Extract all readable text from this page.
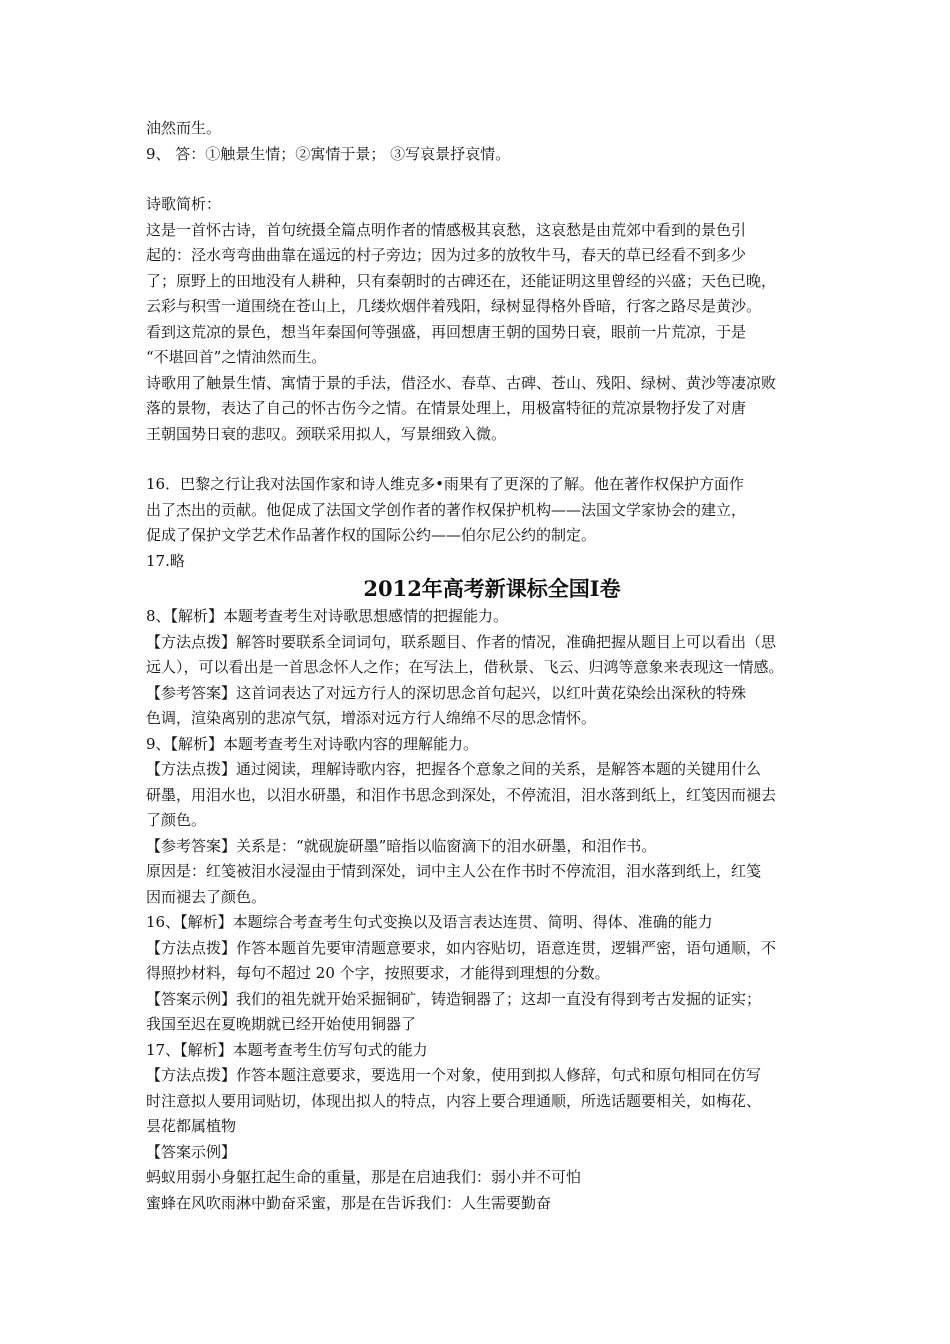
油然而生。

9、 答：①触景生情；②寓情于景； ③写哀景抒哀情。

诗歌简析：

这是一首怀古诗，首句统摄全篇点明作者的情感极其哀愁，这哀愁是由荒郊中看到的景色引

起的：泾水弯弯曲曲靠在遥远的村子旁边；因为过多的放牧牛马，春天的草已经看不到多少

了；原野上的田地没有人耕种，只有秦朝时的古碑还在，还能证明这里曾经的兴盛；天色已晚，

云彩与积雪一道围绕在苍山上，几缕炊烟伴着残阳，绿树显得格外昏暗，行客之路尽是黄沙。

看到这荒凉的景色，想当年秦国何等强盛，再回想唐王朝的国势日衰，眼前一片荒凉，于是

“不堪回首”之情油然而生。

诗歌用了触景生情、寓情于景的手法，借泾水、春草、古碑、苍山、残阳、绿树、黄沙等凄凉败

落的景物，表达了自己的怀古伤今之情。在情景处理上，用极富特征的荒凉景物抒发了对唐

王朝国势日衰的悲叹。颈联采用拟人，写景细致入微。

16．巴黎之行让我对法国作家和诗人维克多•雨果有了更深的了解。他在著作权保护方面作

出了杰出的贡献。他促成了法国文学创作者的著作权保护机构——法国文学家协会的建立，

促成了保护文学艺术作品著作权的国际公约——伯尔尼公约的制定。

17.略

2012年高考新课标全国Ⅰ卷

8、【解析】本题考查考生对诗歌思想感情的把握能力。

【方法点拨】解答时要联系全词词句，联系题目、作者的情况，准确把握从题目上可以看出（思

远人），可以看出是一首思念怀人之作；在写法上，借秋景、飞云、归鸿等意象来表现这一情感。

【参考答案】这首词表达了对远方行人的深切思念首句起兴，以红叶黄花染绘出深秋的特殊

色调，渲染离别的悲凉气氛，增添对远方行人绵绵不尽的思念情怀。

9、【解析】本题考查考生对诗歌内容的理解能力。

【方法点拨】通过阅读，理解诗歌内容，把握各个意象之间的关系，是解答本题的关键用什么

研墨，用泪水也，以泪水研墨，和泪作书思念到深处，不停流泪，泪水落到纸上，红笺因而褪去

了颜色。

【参考答案】关系是：“就砚旋研墨”暗指以临窗滴下的泪水研墨，和泪作书。

原因是：红笺被泪水浸湿由于情到深处，词中主人公在作书时不停流泪，泪水落到纸上，红笺

因而褪去了颜色。

16、【解析】本题综合考查考生句式变换以及语言表达连贯、简明、得体、准确的能力

【方法点拨】作答本题首先要审清题意要求，如内容贴切，语意连贯，逻辑严密，语句通顺，不

得照抄材料，每句不超过 20 个字，按照要求，才能得到理想的分数。

【答案示例】我们的祖先就开始采掘铜矿，铸造铜器了；这却一直没有得到考古发掘的证实；

我国至迟在夏晚期就已经开始使用铜器了

17、【解析】本题考查考生仿写句式的能力

【方法点拨】作答本题注意要求，要选用一个对象，使用到拟人修辞，句式和原句相同在仿写

时注意拟人要用词贴切，体现出拟人的特点，内容上要合理通顺，所选话题要相关，如梅花、

昙花都属植物

【答案示例】

蚂蚁用弱小身躯扛起生命的重量，那是在启迪我们：弱小并不可怕

蜜蜂在风吹雨淋中勤奋采蜜，那是在告诉我们：人生需要勤奋
